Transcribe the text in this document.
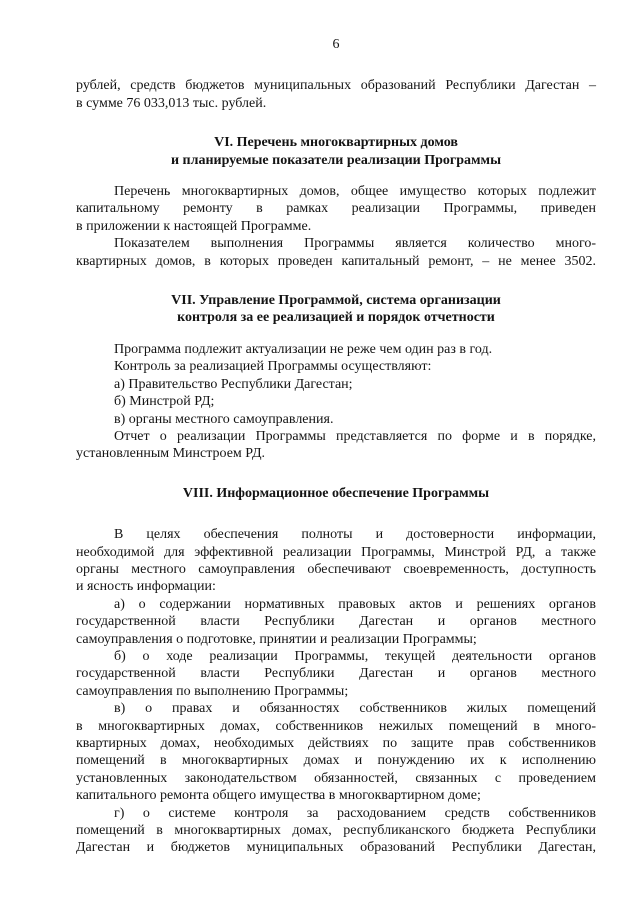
6

рублей, средств бюджетов муниципальных образований Республики Дагестан –

в сумме 76 033,013 тыс. рублей.

VI. Перечень многоквартирных домов
и планируемые показатели реализации Программы

Перечень многоквартирных домов, общее имущество которых подлежит

капитальному ремонту в рамках реализации Программы, приведен

в приложении к настоящей Программе.

Показателем выполнения Программы является количество много-

квартирных домов, в которых проведен капитальный ремонт, – не менее 3502.

VII. Управление Программой, система организации
контроля за ее реализацией и порядок отчетности

Программа подлежит актуализации не реже чем один раз в год.

Контроль за реализацией Программы осуществляют:

а) Правительство Республики Дагестан;

б) Минстрой РД;

в) органы местного самоуправления.

Отчет о реализации Программы представляется по форме и в порядке,

установленным Минстроем РД.

VIII. Информационное обеспечение Программы

В целях обеспечения полноты и достоверности информации,

необходимой для эффективной реализации Программы, Минстрой РД, а также

органы местного самоуправления обеспечивают своевременность, доступность

и ясность информации:

а) о содержании нормативных правовых актов и решениях органов

государственной власти Республики Дагестан и органов местного

самоуправления о подготовке, принятии и реализации Программы;

б) о ходе реализации Программы, текущей деятельности органов

государственной власти Республики Дагестан и органов местного

самоуправления по выполнению Программы;

в) о правах и обязанностях собственников жилых помещений

в многоквартирных домах, собственников нежилых помещений в много-

квартирных домах, необходимых действиях по защите прав собственников

помещений в многоквартирных домах и понуждению их к исполнению

установленных законодательством обязанностей, связанных с проведением

капитального ремонта общего имущества в многоквартирном доме;

г) о системе контроля за расходованием средств собственников

помещений в многоквартирных домах, республиканского бюджета Республики

Дагестан и бюджетов муниципальных образований Республики Дагестан,
